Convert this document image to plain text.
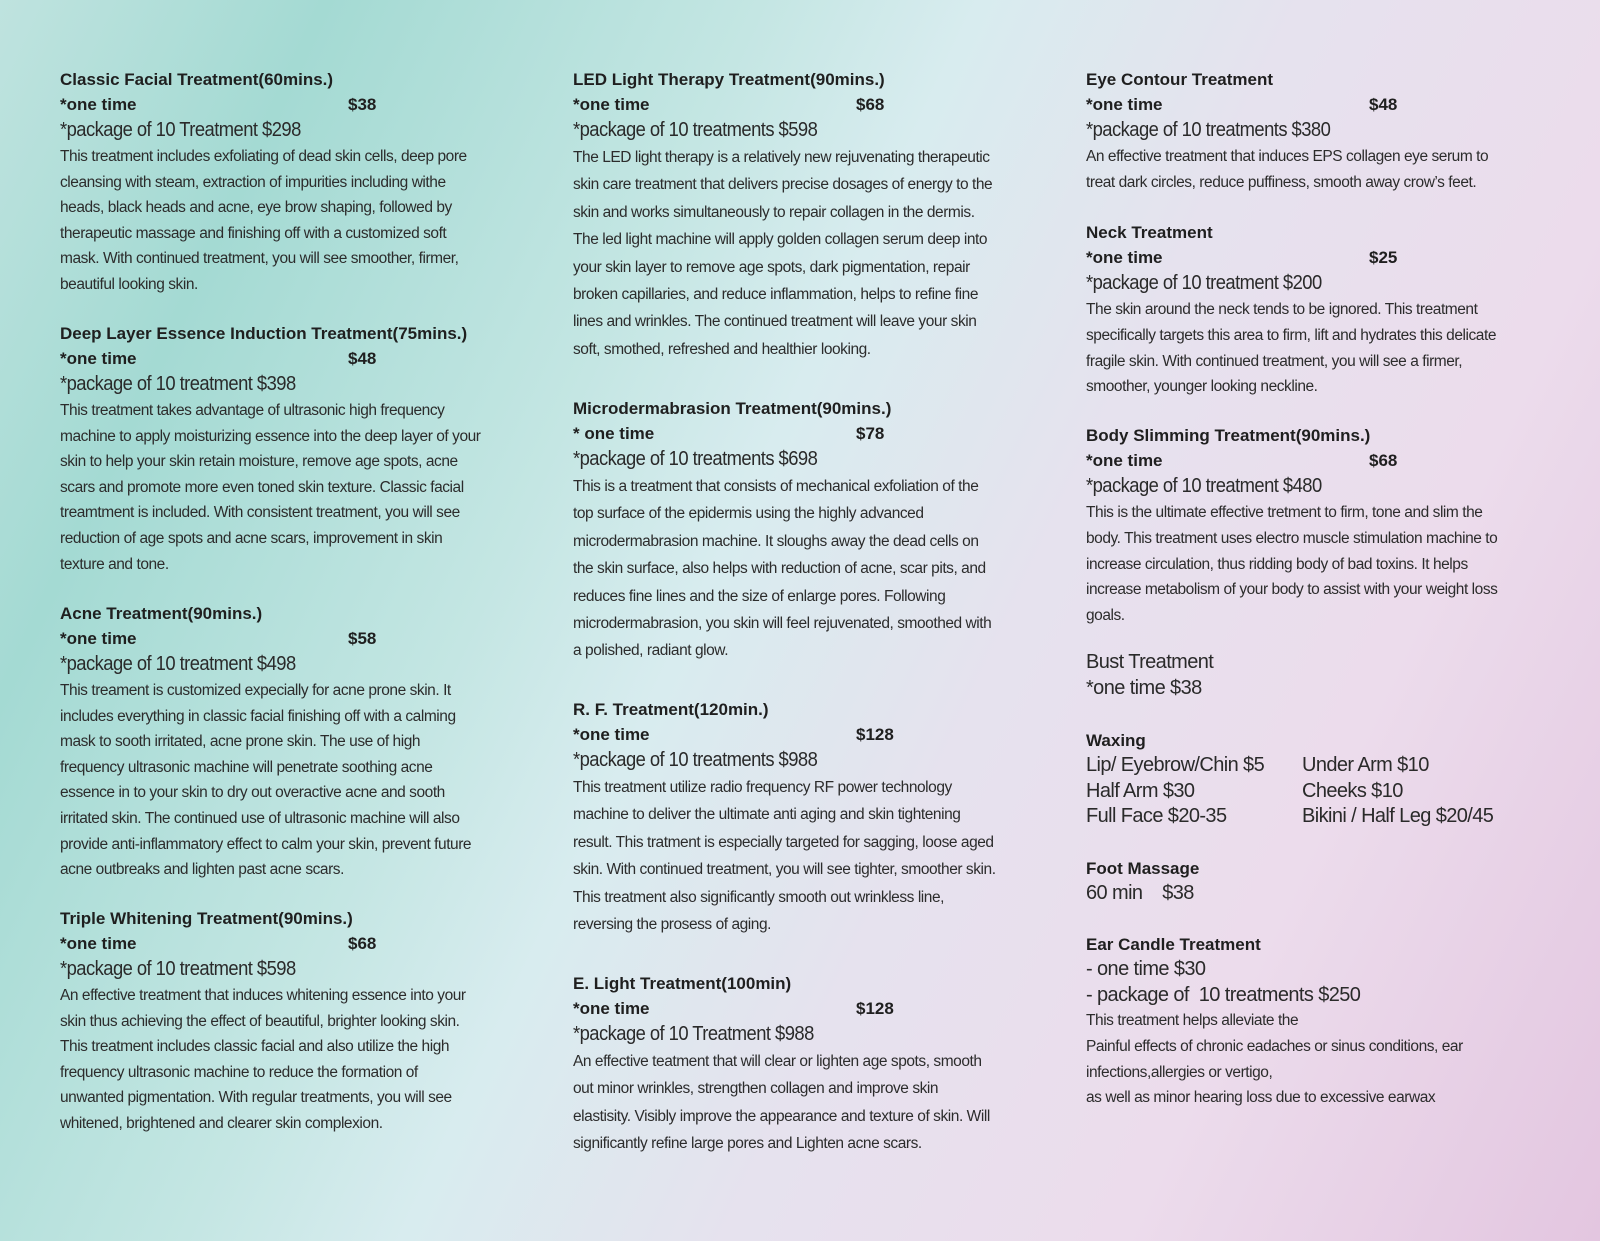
Bust Treatment
*one time $38
Waxing
Lip/ Eyebrow/Chin $5	Under Arm $10
Half Arm $30	Cheeks $10
Full Face $20-35	Bikini / Half Leg $20/45
Foot Massage
60 min    $38
Ear Candle Treatment
- one time $30
- package of  10 treatments $250
This treatment helps alleviate the
Painful effects of chronic eadaches or sinus conditions, ear
infections,allergies or vertigo,
as well as minor hearing loss due to excessive earwax
Classic Facial Treatment(60mins.)
*one time	$38
*package of 10 Treatment $298
This treatment includes exfoliating of dead skin cells, deep pore
cleansing with steam, extraction of impurities including withe
heads, black heads and acne, eye brow shaping, followed by
therapeutic massage and finishing off with a customized soft
mask. With continued treatment, you will see smoother, firmer,
beautiful looking skin.
Deep Layer Essence Induction Treatment(75mins.)
*one time	$48
*package of 10 treatment $398
This treatment takes advantage of ultrasonic high frequency
machine to apply moisturizing essence into the deep layer of your
skin to help your skin retain moisture, remove age spots, acne
scars and promote more even toned skin texture. Classic facial
treamtment is included. With consistent treatment, you will see
reduction of age spots and acne scars, improvement in skin
texture and tone.
Acne Treatment(90mins.)
*one time	$58
*package of 10 treatment $498
This treament is customized expecially for acne prone skin. It
includes everything in classic facial finishing off with a calming
mask to sooth irritated, acne prone skin. The use of high
frequency ultrasonic machine will penetrate soothing acne
essence in to your skin to dry out overactive acne and sooth
irritated skin. The continued use of ultrasonic machine will also
provide anti-inflammatory effect to calm your skin, prevent future
acne outbreaks and lighten past acne scars.
Triple Whitening Treatment(90mins.)
*one time	$68
*package of 10 treatment $598
An effective treatment that induces whitening essence into your
skin thus achieving the effect of beautiful, brighter looking skin.
This treatment includes classic facial and also utilize the high
frequency ultrasonic machine to reduce the formation of
unwanted pigmentation. With regular treatments, you will see
whitened, brightened and clearer skin complexion.
LED Light Therapy Treatment(90mins.)
*one time	$68
*package of 10 treatments $598
The LED light therapy is a relatively new rejuvenating therapeutic
skin care treatment that delivers precise dosages of energy to the
skin and works simultaneously to repair collagen in the dermis.
The led light machine will apply golden collagen serum deep into
your skin layer to remove age spots, dark pigmentation, repair
broken capillaries, and reduce inflammation, helps to refine fine
lines and wrinkles. The continued treatment will leave your skin
soft, smothed, refreshed and healthier looking.
Microdermabrasion Treatment(90mins.)
* one time	$78
*package of 10 treatments $698
This is a treatment that consists of mechanical exfoliation of the
top surface of the epidermis using the highly advanced
microdermabrasion machine. It sloughs away the dead cells on
the skin surface, also helps with reduction of acne, scar pits, and
reduces fine lines and the size of enlarge pores. Following
microdermabrasion, you skin will feel rejuvenated, smoothed with
a polished, radiant glow.
R. F. Treatment(120min.)
*one time	$128
*package of 10 treatments $988
This treatment utilize radio frequency RF power technology
machine to deliver the ultimate anti aging and skin tightening
result. This tratment is especially targeted for sagging, loose aged
skin. With continued treatment, you will see tighter, smoother skin.
This treatment also significantly smooth out wrinkless line,
reversing the prosess of aging.
E. Light Treatment(100min)
*one time	$128
*package of 10 Treatment $988
An effective teatment that will clear or lighten age spots, smooth
out minor wrinkles, strengthen collagen and improve skin
elastisity. Visibly improve the appearance and texture of skin. Will
significantly refine large pores and Lighten acne scars.
Eye Contour Treatment
*one time	$48
*package of 10 treatments $380
An effective treatment that induces EPS collagen eye serum to
treat dark circles, reduce puffiness, smooth away crow’s feet.
Neck Treatment
*one time	$25
*package of 10 treatment $200
The skin around the neck tends to be ignored. This treatment
specifically targets this area to firm, lift and hydrates this delicate
fragile skin. With continued treatment, you will see a firmer,
smoother, younger looking neckline.
Body Slimming Treatment(90mins.)
*one time	$68
*package of 10 treatment $480
This is the ultimate effective tretment to firm, tone and slim the
body. This treatment uses electro muscle stimulation machine to
increase circulation, thus ridding body of bad toxins. It helps
increase metabolism of your body to assist with your weight loss
goals.
